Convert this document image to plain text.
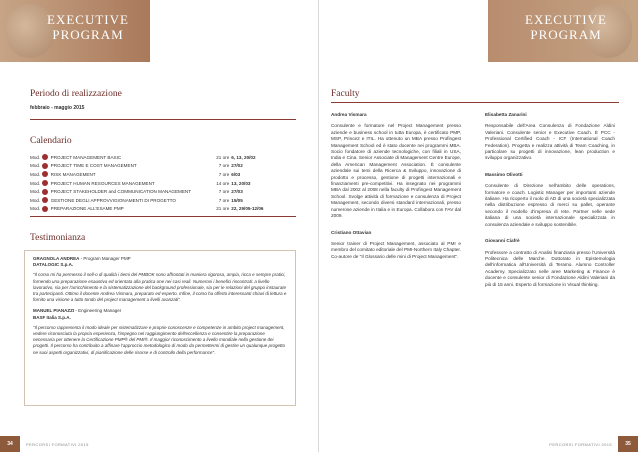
EXECUTIVE
PROGRAM
Periodo di realizzazione
febbraio - maggio 2015
Calendario
Mod.	PROJECT MANAGEMENT BASIC	21 ore 6, 13, 20/02
Mod.	PROJECT TIME E COST MANAGEMENT	7 ore 27/02
Mod.	RISK MANAGEMENT	7 ore 6/03
Mod.	PROJECT HUMAN RESOURCES MANAGEMENT	14 ore 13, 20/03
Mod.	PROJECT STAKEHOLDER and COMMUNICATION MANAGEMENT	7 ore 27/03
Mod.	GESTIONE DEGLI APPROVVIGIONAMENTI DI PROGETTO	7 ore 15/05
Mod.	PREPARAZIONE ALL'ESAME PMP	21 ore 22, 29/05-12/06
Testimonianza
GRAGNOLA ANDREA - Program Manager PMP
DATALOGIC S.p.A.
"Il corso mi ha permesso il sell-o di qualità i tiemi del PMBOK sono affrontati in maniera rigorosa, ampia, ricca e sempre pratici, fornendo una preparazione esaustiva ed orientata alla pratica one nei casi reali. Numerosi i benefici riscontrati: a livello lavorativo, sia per l'arricchimento e la sistematizzazione del background professionale, sia per le relazioni del gruppo instaurate tra partecipanti. Ottimo il docente Andrea Vismara, preparato ed esperto. Infine, il corso ha offerto interessanti chiavi di lettura e fornito una visione a tutto tondo del project management a livelli avanzati".
MANUEL PIANAZZI - Engineering Manager
BASF Italia S.p.A.
"Il percorso rappresenta il modo ideale per sistematizzare e proprie conoscenze e competenze in ambito project management, vedere riconosciuta la propria esperienza, l'impegno nel raggiungimento dell'eccellenza e consentire la preparazione necessaria per ottenere la Certificazione PMP® del PMI®. Il maggior riconoscimento a livello mondiale nella gestione dei progetti. Il percorso ha contribuito a affinare l'approccio metodologico di modo da permettermi di gestire un qualunque progetto ne suoi aspetti organizzativi, di pianificazione delle risorse e di controllo della performance".
34	PERCORSI FORMATIVI 2015
EXECUTIVE
PROGRAM
Faculty
Andrea Vismara
Consulente e formatore nel Project Management presso aziende e business school in tutta Europa, è certificato PMP, MSP, Prince2 e ITIL. Ha ottenuto un MBA presso Profingest Management School ed è stato docente nei programmi MBA. Socio fondatore di aziende tecnologiche, con filiali in USA, India e Cina. Senior Associate di Management Centre Europe, della American Management Association. È consulente aziendale sui temi della Ricerca & Sviluppo, innovazione di prodotto e processo, gestione di progetti internazionali e finanziamenti pre-competitivi. Ha insegnato nei programmi MBA dal 2002 al 2008 nella faculty di Profingest Management School. Svolge attività di formazione e consulenza di Project Management, secondo diversi standard internazionali, presso numerose aziende in Italia e in Europa. Collabora con FAV dal 2009.
Cristiano Ottavian
Senior trainer di Project Management, associato al PMI e membro del comitato editoriale del PMI-Northern Italy Chapter. Co-autore de "Il Glossario delle mini di Project Management".
Elisabetta Zanarini
Responsabile dell'Area Consulenza di Fondazione Aldini Valeriani. Consulente senior e Executive Coach. È PCC - Professional Certified Coach - ICF (International Coach Federation). Progetta e realizza attività di Team Coaching, in particolare su progetti di innovazione, lean production e sviluppo organizzativo.
Massimo Olivotti
Consulente di Direzione nell'ambito delle operations, formatore e coach. Logistic Manager per importanti aziende italiane. Ha ricoperto il ruolo di AD di una società specializzata nella distribuzione espresso di merci su pallet, operante secondo il modello d'impresa di rete. Partner nelle sede italiana di una società internazionale specializzata in consulenza aziendale e sviluppo sostenibile.
Giovanni Ciafrè
Professore a contratto di Analisi finanziaria presso l'Università Politecnica delle Marche. Dottorato in Epistemologia dell'informatica all'Università di Teramo. Alumno Controller Academy. Specializzato nelle aree Marketing & Finance è docente e consulente senior di Fondazione Aldini Valeriani da più di 15 anni. Esperto di formazione in Visual thinking.
35
PERCORSI FORMATIVI 2015
